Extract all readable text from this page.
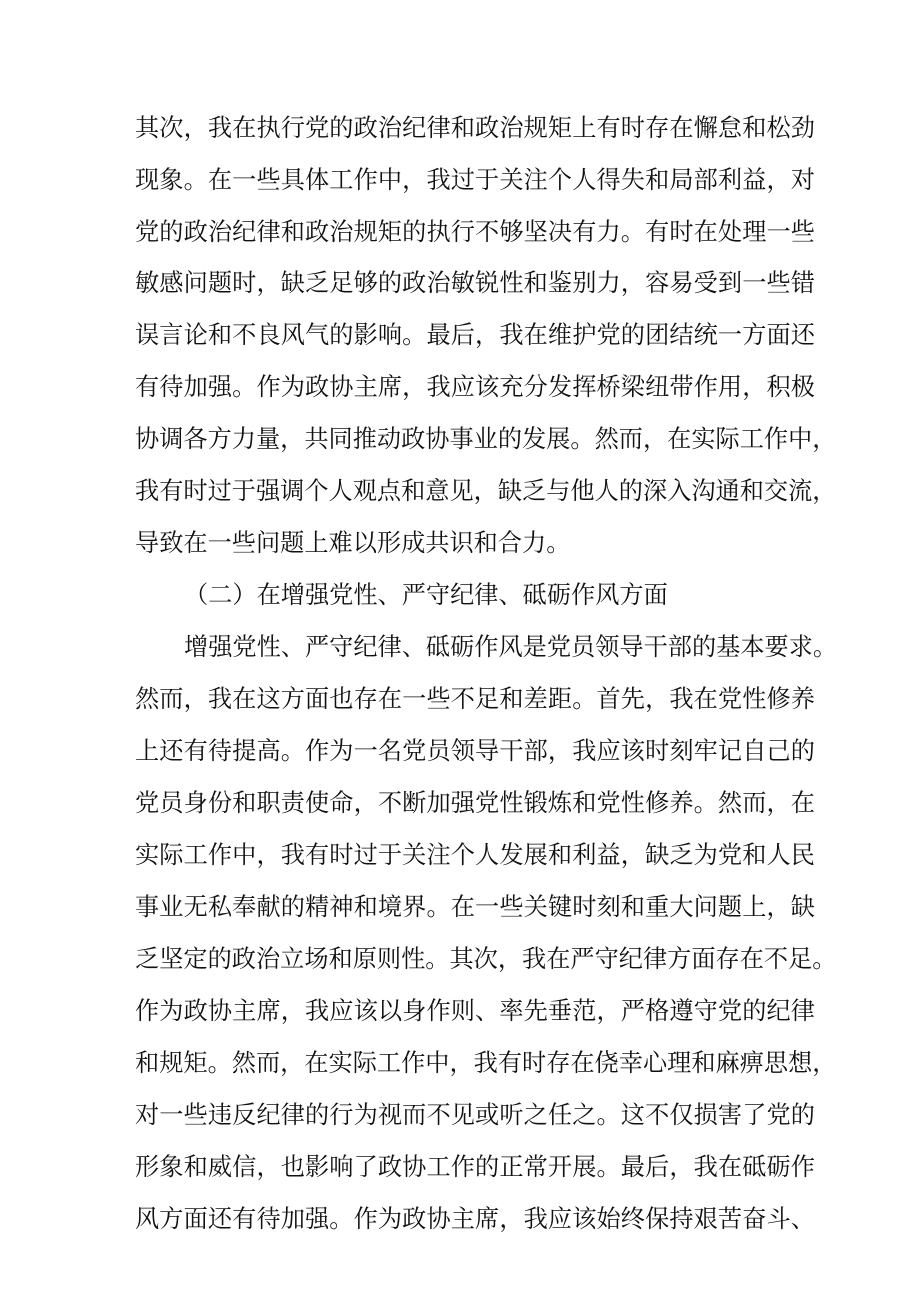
其次，我在执行党的政治纪律和政治规矩上有时存在懈怠和松劲
现象。在一些具体工作中，我过于关注个人得失和局部利益，对
党的政治纪律和政治规矩的执行不够坚决有力。有时在处理一些
敏感问题时，缺乏足够的政治敏锐性和鉴别力，容易受到一些错
误言论和不良风气的影响。最后，我在维护党的团结统一方面还
有待加强。作为政协主席，我应该充分发挥桥梁纽带作用，积极
协调各方力量，共同推动政协事业的发展。然而，在实际工作中，
我有时过于强调个人观点和意见，缺乏与他人的深入沟通和交流，
导致在一些问题上难以形成共识和合力。
（二）在增强党性、严守纪律、砥砺作风方面
增强党性、严守纪律、砥砺作风是党员领导干部的基本要求。
然而，我在这方面也存在一些不足和差距。首先，我在党性修养
上还有待提高。作为一名党员领导干部，我应该时刻牢记自己的
党员身份和职责使命，不断加强党性锻炼和党性修养。然而，在
实际工作中，我有时过于关注个人发展和利益，缺乏为党和人民
事业无私奉献的精神和境界。在一些关键时刻和重大问题上，缺
乏坚定的政治立场和原则性。其次，我在严守纪律方面存在不足。
作为政协主席，我应该以身作则、率先垂范，严格遵守党的纪律
和规矩。然而，在实际工作中，我有时存在侥幸心理和麻痹思想，
对一些违反纪律的行为视而不见或听之任之。这不仅损害了党的
形象和威信，也影响了政协工作的正常开展。最后，我在砥砺作
风方面还有待加强。作为政协主席，我应该始终保持艰苦奋斗、
